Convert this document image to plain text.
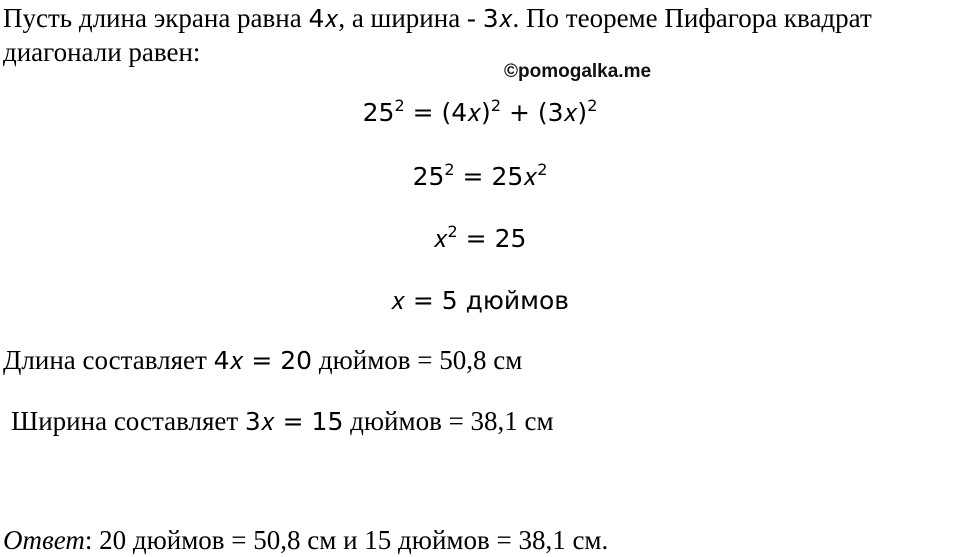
Пусть длина экрана равна 4𝑥, а ширина - 3𝑥. По теореме Пифагора квадрат
диагонали равен:
©pomogalka.me
$25^2$ = (4𝑥)$^2$ + (3𝑥)$^2$
$25^2$ = 25𝑥$^2$
𝑥$^2$ = 25
𝑥 = 5 дюймов
Длина составляет 4𝑥 = 20 дюймов = 50,8 см
Ширина составляет 3𝑥 = 15 дюймов = 38,1 см
Ответ: 20 дюймов = 50,8 см и 15 дюймов = 38,1 см.
